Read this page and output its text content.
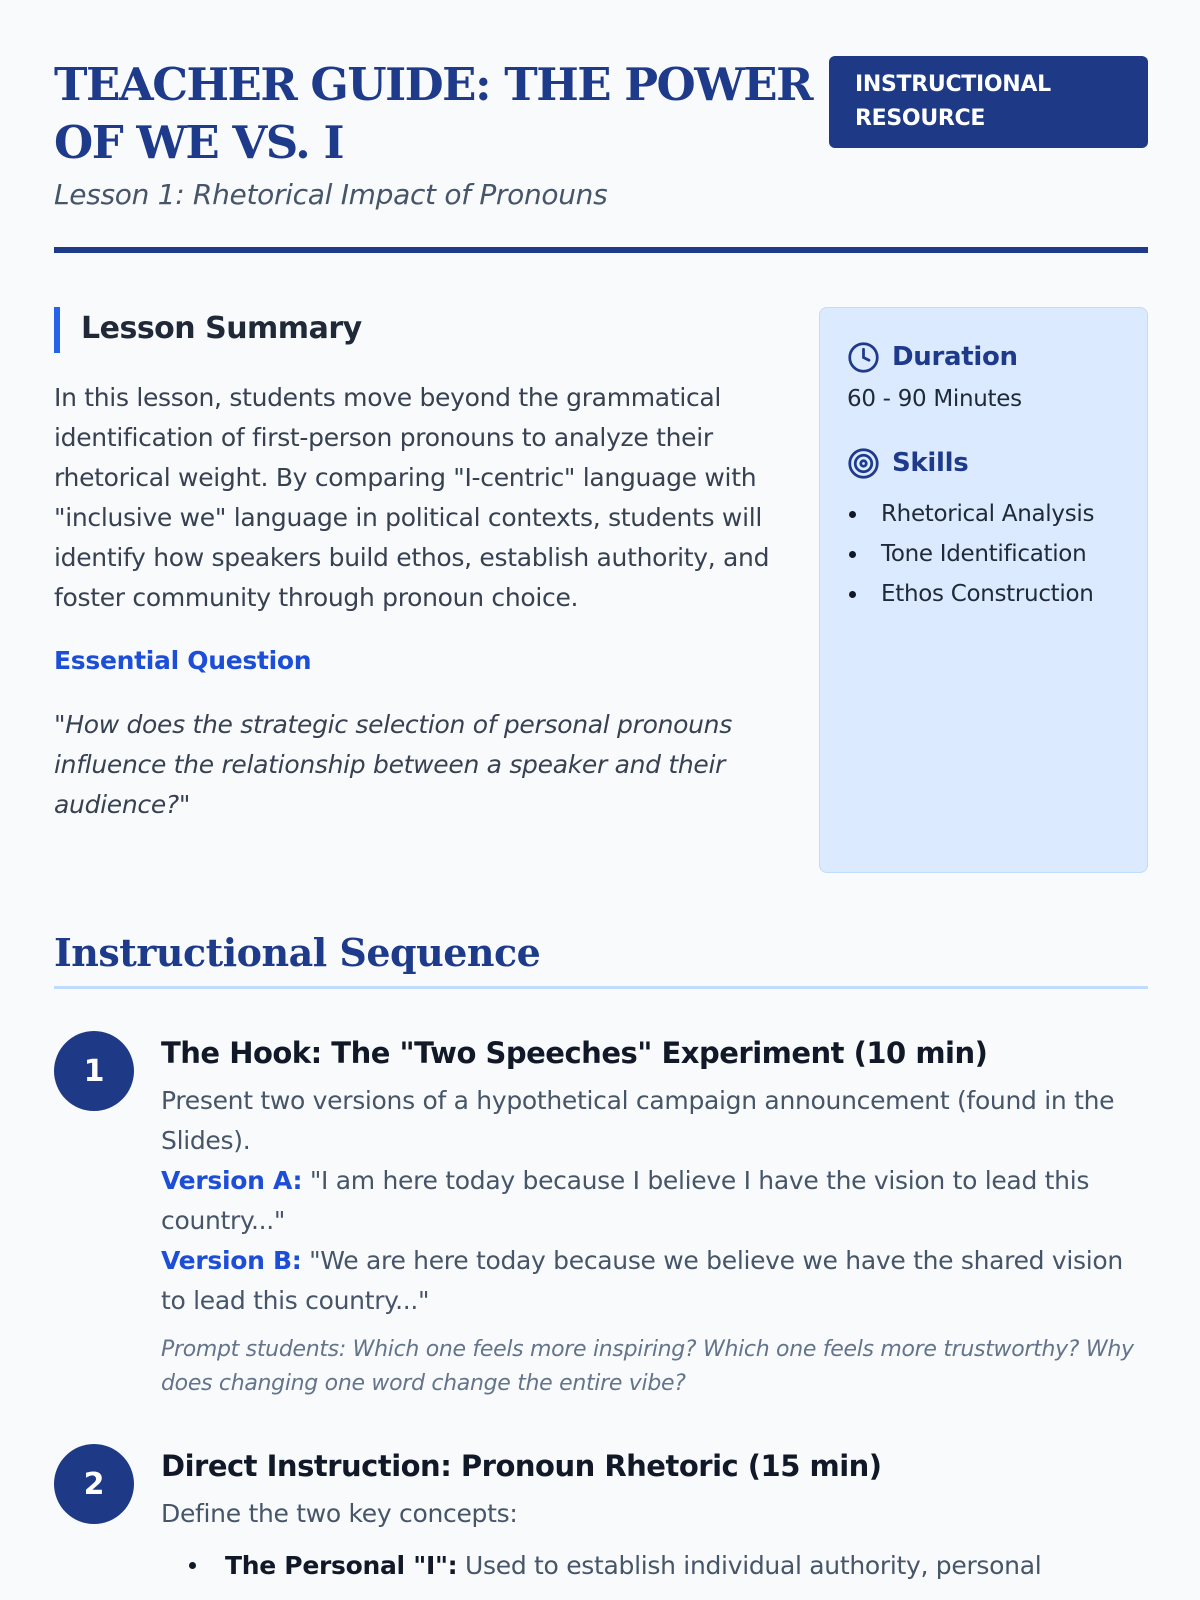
TEACHER GUIDE: THE POWER OF WE VS. I
Lesson 1: Rhetorical Impact of Pronouns
INSTRUCTIONAL RESOURCE
Lesson Summary

In this lesson, students move beyond the grammatical identification of first-person pronouns to analyze their rhetorical weight. By comparing "I-centric" language with "inclusive we" language in political contexts, students will identify how speakers build ethos, establish authority, and foster community through pronoun choice.

Essential Question

"How does the strategic selection of personal pronouns influence the relationship between a speaker and their audience?"

Duration
60 - 90 Minutes
Skills
Rhetorical Analysis
Tone Identification
Ethos Construction
Instructional Sequence
1
The Hook: The "Two Speeches" Experiment (10 min)

Present two versions of a hypothetical campaign announcement (found in the Slides).
Version A: "I am here today because I believe I have the vision to lead this country..."
Version B: "We are here today because we believe we have the shared vision to lead this country..."

Prompt students: Which one feels more inspiring? Which one feels more trustworthy? Why does changing one word change the entire vibe?

2
Direct Instruction: Pronoun Rhetoric (15 min)

Define the two key concepts:

The Personal "I": Used to establish individual authority, personal
